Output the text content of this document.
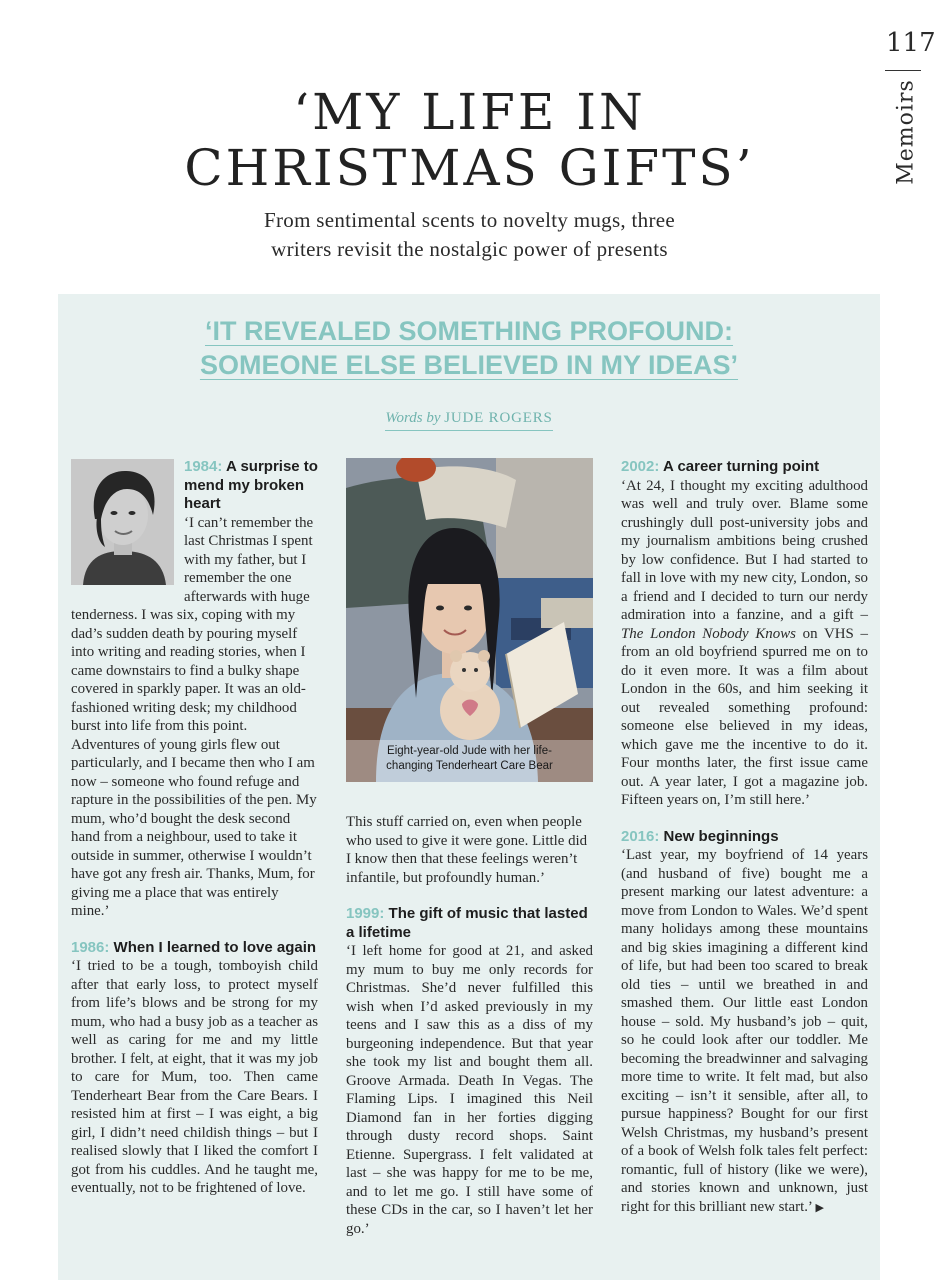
117
Memoirs
‘MY LIFE IN
CHRISTMAS GIFTS’
From sentimental scents to novelty mugs, three
writers revisit the nostalgic power of presents
‘IT REVEALED SOMETHING PROFOUND:
SOMEONE ELSE BELIEVED IN MY IDEAS’
Words by JUDE ROGERS

1984: A surprise to mend my broken heart

‘I can’t remember the last Christmas I spent with my father, but I remember the one afterwards with huge tenderness. I was six, coping with my dad’s sudden death by pouring myself into writing and reading stories, when I came downstairs to find a bulky shape covered in sparkly paper. It was an old-fashioned writing desk; my childhood burst into life from this point. Adventures of young girls flew out particularly, and I became then who I am now – someone who found refuge and rapture in the possibilities of the pen. My mum, who’d bought the desk second hand from a neighbour, used to take it outside in summer, otherwise I wouldn’t have got any fresh air. Thanks, Mum, for giving me a place that was entirely mine.’

1986: When I learned to love again

‘I tried to be a tough, tomboyish child after that early loss, to protect myself from life’s blows and be strong for my mum, who had a busy job as a teacher as well as caring for me and my little brother. I felt, at eight, that it was my job to care for Mum, too. Then came Tenderheart Bear from the Care Bears. I resisted him at first – I was eight, a big girl, I didn’t need childish things – but I realised slowly that I liked the comfort I got from his cuddles. And he taught me, eventually, not to be frightened of love.

Eight-year-old Jude with her life-
changing Tenderheart Care Bear

This stuff carried on, even when people who used to give it were gone. Little did I know then that these feelings weren’t infantile, but profoundly human.’

1999: The gift of music that lasted a lifetime

‘I left home for good at 21, and asked my mum to buy me only records for Christmas. She’d never fulfilled this wish when I’d asked previously in my teens and I saw this as a diss of my burgeoning independence. But that year she took my list and bought them all. Groove Armada. Death In Vegas. The Flaming Lips. I imagined this Neil Diamond fan in her forties digging through dusty record shops. Saint Etienne. Supergrass. I felt validated at last – she was happy for me to be me, and to let me go. I still have some of these CDs in the car, so I haven’t let her go.’

2002: A career turning point

‘At 24, I thought my exciting adulthood was well and truly over. Blame some crushingly dull post-university jobs and my journalism ambitions being crushed by low confidence. But I had started to fall in love with my new city, London, so a friend and I decided to turn our nerdy admiration into a fanzine, and a gift – The London Nobody Knows on VHS – from an old boyfriend spurred me on to do it even more. It was a film about London in the 60s, and him seeking it out revealed something profound: someone else believed in my ideas, which gave me the incentive to do it. Four months later, the first issue came out. A year later, I got a magazine job. Fifteen years on, I’m still here.’

2016: New beginnings

‘Last year, my boyfriend of 14 years (and husband of five) bought me a present marking our latest adventure: a move from London to Wales. We’d spent many holidays among these mountains and big skies imagining a different kind of life, but had been too scared to break old ties – until we breathed in and smashed them. Our little east London house – sold. My husband’s job – quit, so he could look after our toddler. Me becoming the breadwinner and salvaging more time to write. It felt mad, but also exciting – isn’t it sensible, after all, to pursue happiness? Bought for our first Welsh Christmas, my husband’s present of a book of Welsh folk tales felt perfect: romantic, full of history (like we were), and stories known and unknown, just right for this brilliant new start.’ ▶
